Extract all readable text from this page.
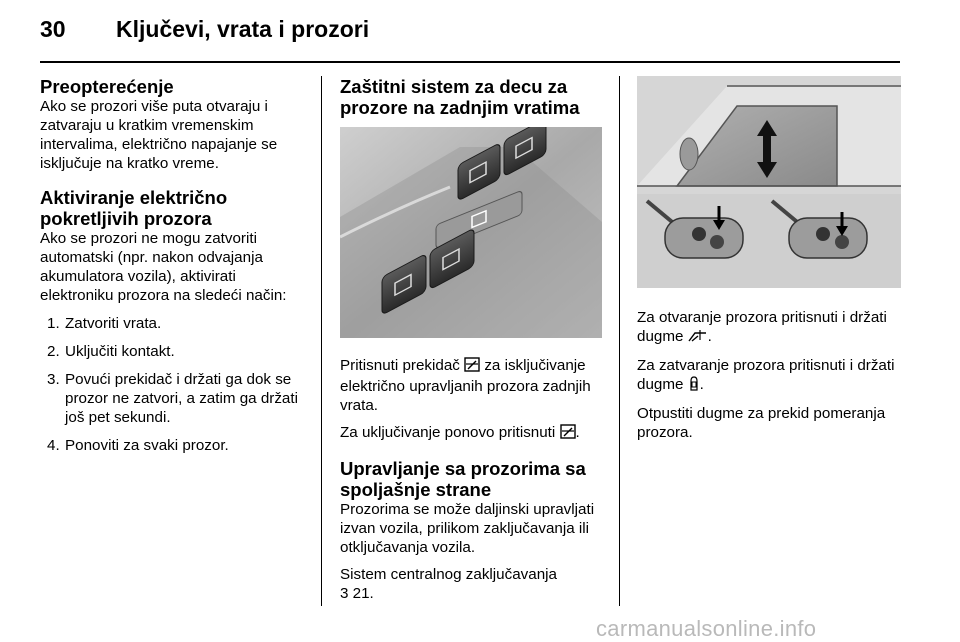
30 Ključevi, vrata i prozori
Preopterećenje

Ako se prozori više puta otvaraju i zatvaraju u kratkim vremenskim intervalima, električno napajanje se isključuje na kratko vreme.

Aktiviranje električno pokretljivih prozora

Ako se prozori ne mogu zatvoriti automatski (npr. nakon odvajanja akumulatora vozila), aktivirati elektroniku prozora na sledeći način:

1. Zatvoriti vrata.
2. Uključiti kontakt.
3. Povući prekidač i držati ga dok se prozor ne zatvori, a zatim ga držati još pet sekundi.
4. Ponoviti za svaki prozor.
Zaštitni sistem za decu za prozore na zadnjim vratima

Pritisnuti prekidač  za isključivanje električno upravljanih prozora zadnjih vrata.

Za uključivanje ponovo pritisnuti .

Upravljanje sa prozorima sa spoljašnje strane

Prozorima se može daljinski upravljati izvan vozila, prilikom zaključavanja ili otključavanja vozila.

Sistem centralnog zaključavanja

3 21.

Za otvaranje prozora pritisnuti i držati dugme .

Za zatvaranje prozora pritisnuti i držati dugme .

Otpustiti dugme za prekid pomeranja prozora.

carmanualsonline.info
